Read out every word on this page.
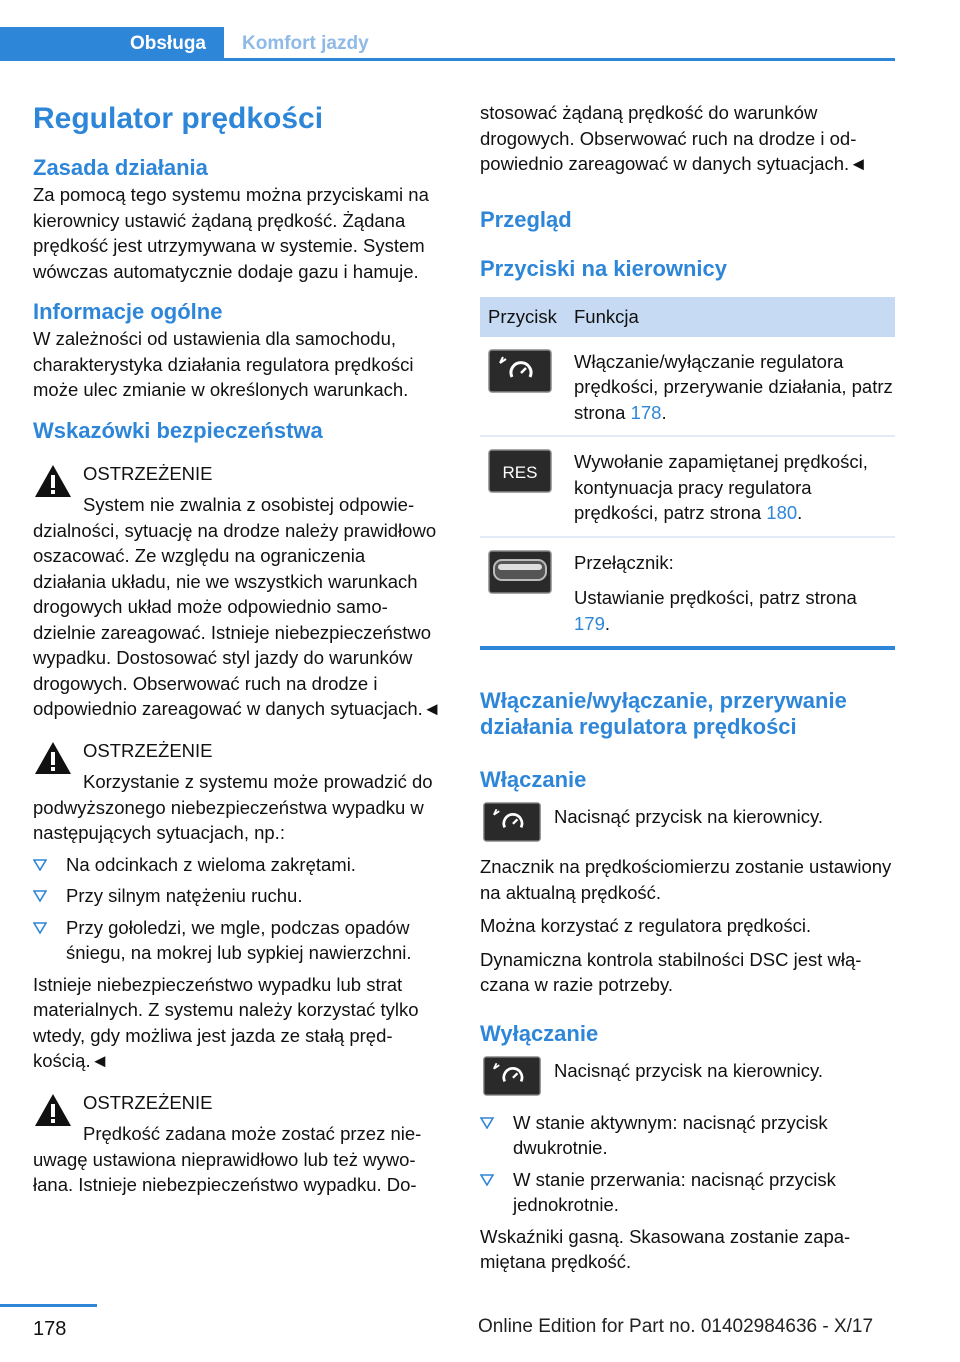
Obsługa	Komfort jazdy
Regulator prędkości
Zasada działania

Za pomocą tego systemu można przyciskami na kierownicy ustawić żądaną prędkość. Żądana prędkość jest utrzymywana w systemie. System wówczas automatycznie dodaje gazu i hamuje.

Informacje ogólne

W zależności od ustawienia dla samochodu, charakterystyka działania regulatora prędkości może ulec zmianie w określonych warunkach.

Wskazówki bezpieczeństwa
OSTRZEŻENIE

System nie zwalnia z osobistej odpowiedzialności, sytuację na drodze należy prawidłowo oszacować. Ze względu na ograniczenia działania układu, nie we wszystkich warunkach drogowych układ może odpowiednio samodzielnie zareagować. Istnieje niebezpieczeństwo wypadku. Dostosować styl jazdy do warunków drogowych. Obserwować ruch na drodze i odpowiednio zareagować w danych sytuacjach.◄

OSTRZEŻENIE

Korzystanie z systemu może prowadzić do podwyższonego niebezpieczeństwa wypadku w następujących sytuacjach, np.:

Na odcinkach z wieloma zakrętami.
Przy silnym natężeniu ruchu.
Przy gołoledzi, we mgle, podczas opadów śniegu, na mokrej lub sypkiej nawierzchni.

Istnieje niebezpieczeństwo wypadku lub strat materialnych. Z systemu należy korzystać tylko wtedy, gdy możliwa jest jazda ze stałą prędkością.◄

OSTRZEŻENIE

Prędkość zadana może zostać przez nieuwagę ustawiona nieprawidłowo lub też wywołana. Istnieje niebezpieczeństwo wypadku. Do-

stosować żądaną prędkość do warunków drogowych. Obserwować ruch na drodze i odpowiednio zareagować w danych sytuacjach.◄

Przegląd
Przyciski na kierownicy
Przycisk	Funkcja
	Włączanie/wyłączanie regulatora prędkości, przerywanie działania, patrz strona 178.

RES	Wywołanie zapamiętanej prędkości, kontynuacja pracy regulatora prędkości, patrz strona 180.

Przełącznik:
Ustawianie prędkości, patrz strona 179.
Włączanie/wyłączanie, przerywanie działania regulatora prędkości
Włączanie

Nacisnąć przycisk na kierownicy.

Znacznik na prędkościomierzu zostanie ustawiony na aktualną prędkość.

Można korzystać z regulatora prędkości.

Dynamiczna kontrola stabilności DSC jest włączana w razie potrzeby.

Wyłączanie

Nacisnąć przycisk na kierownicy.

W stanie aktywnym: nacisnąć przycisk dwukrotnie.
W stanie przerwania: nacisnąć przycisk jednokrotnie.

Wskaźniki gasną. Skasowana zostanie zapamiętana prędkość.

178	Online Edition for Part no. 01402984636 - X/17
